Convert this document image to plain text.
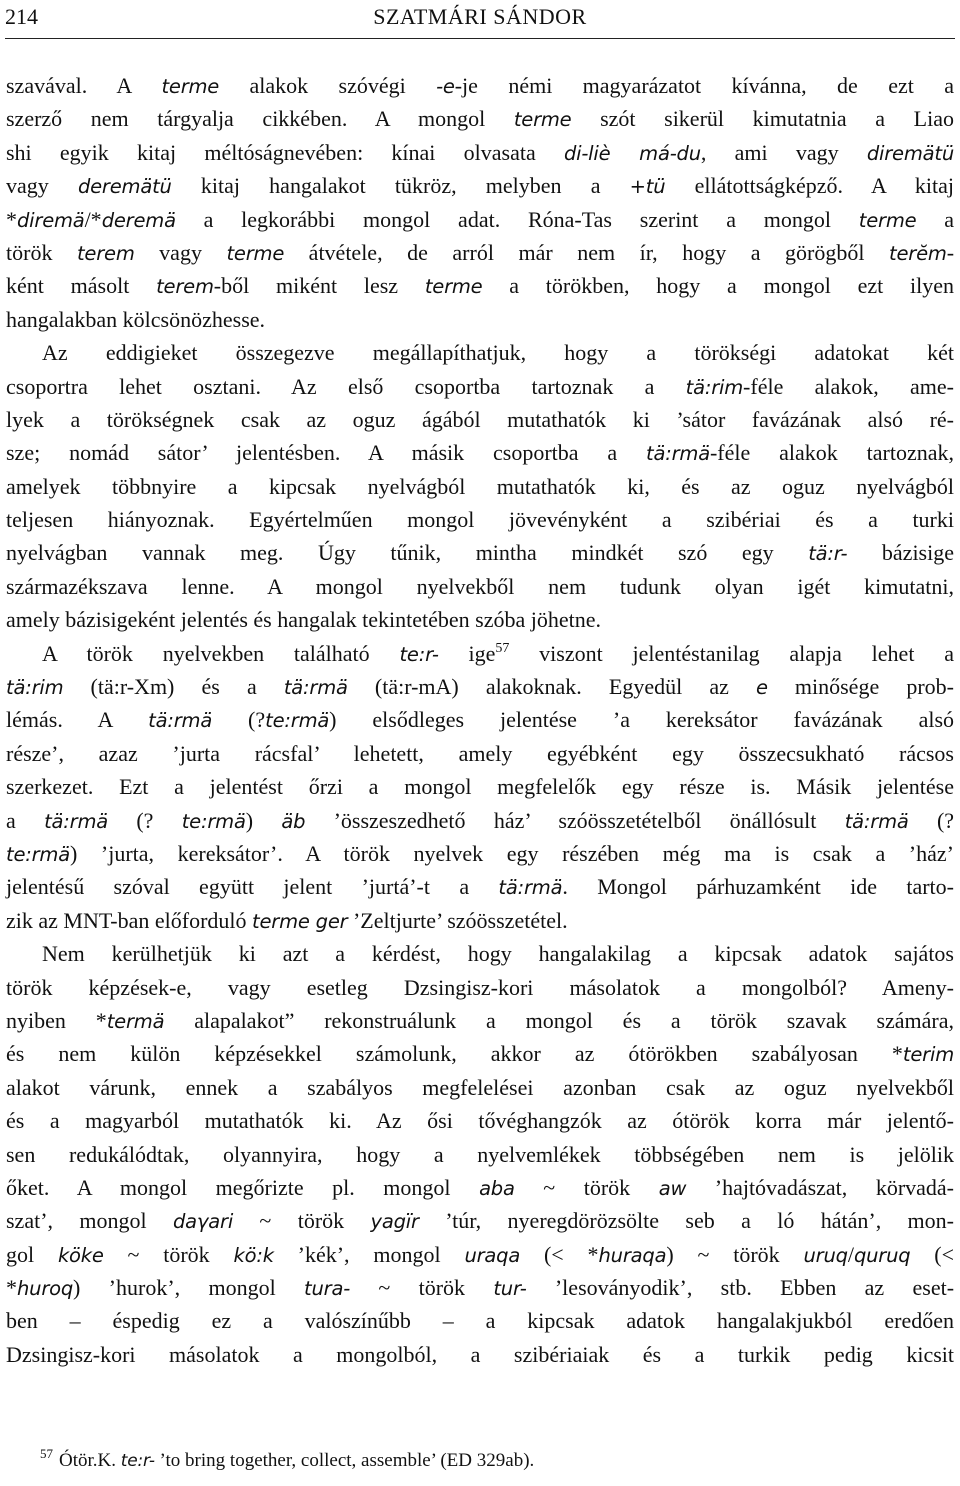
214	SZATMÁRI SÁNDOR
szavával. A terme alakok szóvégi -e-je némi magyarázatot kívánna, de ezt a
szerző nem tárgyalja cikkében. A mongol terme szót sikerül kimutatnia a Liao
shi egyik kitaj méltóságnevében: kínai olvasata di-liè má-du, ami vagy diremätü
vagy deremätü kitaj hangalakot tükröz, melyben a +tü ellátottságképző. A kitaj
*diremä/*deremä a legkorábbi mongol adat. Róna-Tas szerint a mongol terme a
török terem vagy terme átvétele, de arról már nem ír, hogy a görögből terĕm-
ként másolt terem-ből miként lesz terme a törökben, hogy a mongol ezt ilyen
hangalakban kölcsönözhesse.
Az eddigieket összegezve megállapíthatjuk, hogy a törökségi adatokat két
csoportra lehet osztani. Az első csoportba tartoznak a tä:rim-féle alakok, ame-
lyek a törökségnek csak az oguz ágából mutathatók ki ’sátor favázának alsó ré-
sze; nomád sátor’ jelentésben. A másik csoportba a tä:rmä-féle alakok tartoznak,
amelyek többnyire a kipcsak nyelvágból mutathatók ki, és az oguz nyelvágból
teljesen hiányoznak. Egyértelműen mongol jövevényként a szibériai és a turki
nyelvágban vannak meg. Úgy tűnik, mintha mindkét szó egy tä:r- bázisige
származékszava lenne. A mongol nyelvekből nem tudunk olyan igét kimutatni,
amely bázisigeként jelentés és hangalak tekintetében szóba jöhetne.
A török nyelvekben található te:r- ige$^{57}$ viszont jelentéstanilag alapja lehet a
tä:rim (tä:r-Xm) és a tä:rmä (tä:r-mA) alakoknak. Egyedül az e minősége prob-
lémás. A tä:rmä (?te:rmä) elsődleges jelentése ’a kereksátor favázának alsó
része’, azaz ’jurta rácsfal’ lehetett, amely egyébként egy összecsukható rácsos
szerkezet. Ezt a jelentést őrzi a mongol megfelelők egy része is. Másik jelentése
a tä:rmä (? te:rmä) äb ’összeszedhető ház’ szóösszetételből önállósult tä:rmä (?
te:rmä) ’jurta, kereksátor’. A török nyelvek egy részében még ma is csak a ’ház’
jelentésű szóval együtt jelent ’jurtá’-t a tä:rmä. Mongol párhuzamként ide tarto-
zik az MNT-ban előforduló terme ger ’Zeltjurte’ szóösszetétel.
Nem kerülhetjük ki azt a kérdést, hogy hangalakilag a kipcsak adatok sajátos
török képzések-e, vagy esetleg Dzsingisz-kori másolatok a mongolból? Ameny-
nyiben *termä alapalakot” rekonstruálunk a mongol és a török szavak számára,
és nem külön képzésekkel számolunk, akkor az ótörökben szabályosan *terim
alakot várunk, ennek a szabályos megfelelései azonban csak az oguz nyelvekből
és a magyarból mutathatók ki. Az ősi tővéghangzók az ótörök korra már jelentő-
sen redukálódtak, olyannyira, hogy a nyelvemlékek többségében nem is jelölik
őket. A mongol megőrizte pl. mongol aba ~ török aw ’hajtóvadászat, körvadá-
szat’, mongol daγari ~ török yagïr ’túr, nyeregdörözsölte seb a ló hátán’, mon-
gol köke ~ török kö:k ’kék’, mongol uraqa (< *huraqa) ~ török uruq/quruq (<
*huroq) ’hurok’, mongol tura- ~ török tur- ’lesoványodik’, stb. Ebben az eset-
ben – éspedig ez a valószínűbb – a kipcsak adatok hangalakjukból eredően
Dzsingisz-kori másolatok a mongolból, a szibériaiak és a turkik pedig kicsit
$^{57}$ Ótör.K. te:r- ’to bring together, collect, assemble’ (ED 329ab).
